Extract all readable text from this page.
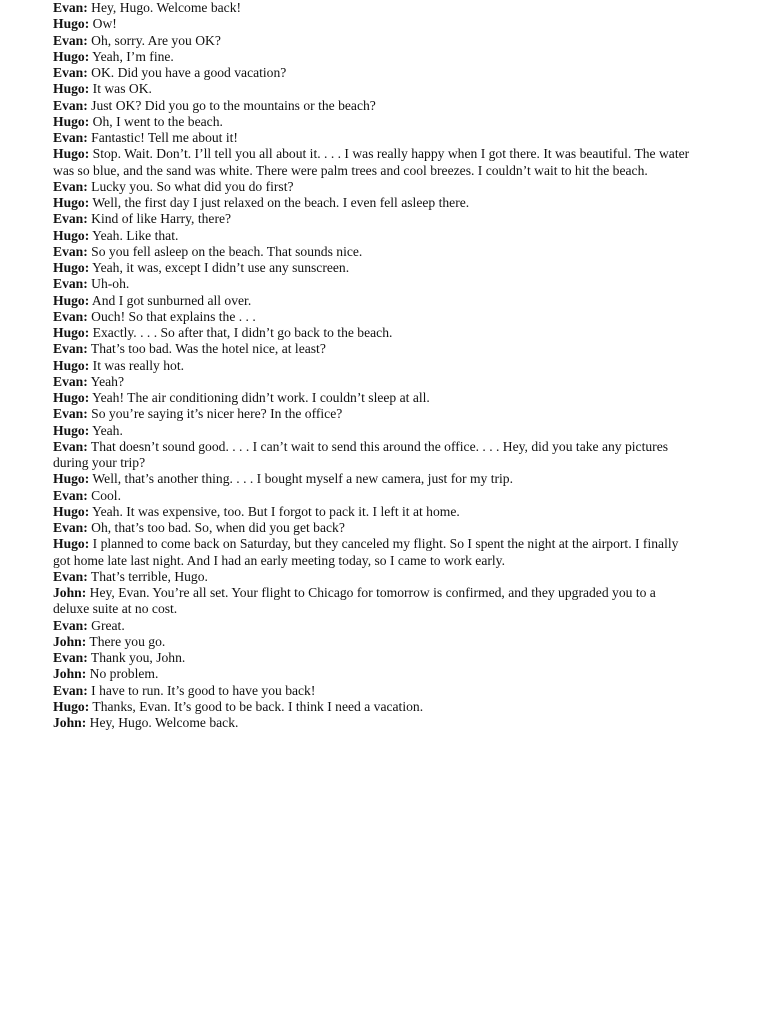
Evan: Hey, Hugo. Welcome back!

Hugo: Ow!

Evan: Oh, sorry. Are you OK?

Hugo: Yeah, I’m fine.

Evan: OK. Did you have a good vacation?

Hugo: It was OK.

Evan: Just OK? Did you go to the mountains or the beach?

Hugo: Oh, I went to the beach.

Evan: Fantastic! Tell me about it!

Hugo: Stop. Wait. Don’t. I’ll tell you all about it. . . . I was really happy when I got there. It was beautiful. The water was so blue, and the sand was white. There were palm trees and cool breezes. I couldn’t wait to hit the beach.

Evan: Lucky you. So what did you do first?

Hugo: Well, the first day I just relaxed on the beach. I even fell asleep there.

Evan: Kind of like Harry, there?

Hugo: Yeah. Like that.

Evan: So you fell asleep on the beach. That sounds nice.

Hugo: Yeah, it was, except I didn’t use any sunscreen.

Evan: Uh-oh.

Hugo: And I got sunburned all over.

Evan: Ouch! So that explains the . . .

Hugo: Exactly. . . . So after that, I didn’t go back to the beach.

Evan: That’s too bad. Was the hotel nice, at least?

Hugo: It was really hot.

Evan: Yeah?

Hugo: Yeah! The air conditioning didn’t work. I couldn’t sleep at all.

Evan: So you’re saying it’s nicer here? In the office?

Hugo: Yeah.

Evan: That doesn’t sound good. . . . I can’t wait to send this around the office. . . . Hey, did you take any pictures during your trip?

Hugo: Well, that’s another thing. . . . I bought myself a new camera, just for my trip.

Evan: Cool.

Hugo: Yeah. It was expensive, too. But I forgot to pack it. I left it at home.

Evan: Oh, that’s too bad. So, when did you get back?

Hugo: I planned to come back on Saturday, but they canceled my flight. So I spent the night at the airport. I finally got home late last night. And I had an early meeting today, so I came to work early.

Evan: That’s terrible, Hugo.

John: Hey, Evan. You’re all set. Your flight to Chicago for tomorrow is confirmed, and they upgraded you to a deluxe suite at no cost.

Evan: Great.

John: There you go.

Evan: Thank you, John.

John: No problem.

Evan: I have to run. It’s good to have you back!

Hugo: Thanks, Evan. It’s good to be back. I think I need a vacation.

John: Hey, Hugo. Welcome back.
